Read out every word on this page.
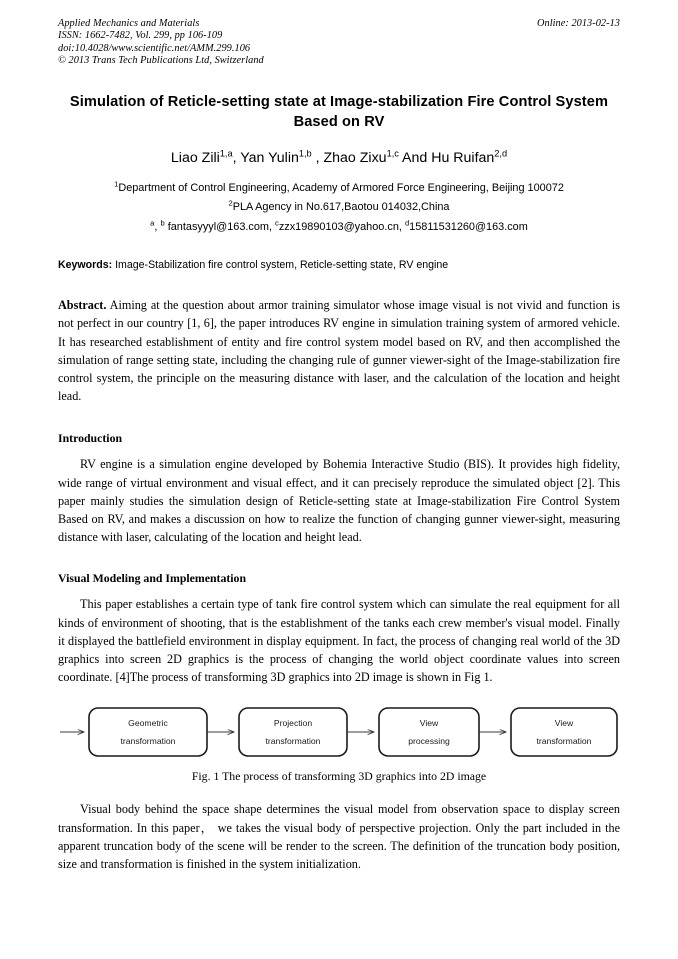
Applied Mechanics and Materials
ISSN: 1662-7482, Vol. 299, pp 106-109
doi:10.4028/www.scientific.net/AMM.299.106
© 2013 Trans Tech Publications Ltd, Switzerland
Online: 2013-02-13
Simulation of Reticle-setting state at Image-stabilization Fire Control System Based on RV
Liao Zili$^{1,a}$, Yan Yulin$^{1,b}$ , Zhao Zixu$^{1,c}$ And Hu Ruifan$^{2,d}$
$^1$Department of Control Engineering, Academy of Armored Force Engineering, Beijing 100072
$^2$PLA Agency in No.617,Baotou 014032,China
$^a$, $^b$ fantasyyyl@163.com, $^c$zzx19890103@yahoo.cn, $^d$15811531260@163.com
Keywords: Image-Stabilization fire control system, Reticle-setting state, RV engine
Abstract. Aiming at the question about armor training simulator whose image visual is not vivid and function is not perfect in our country [1, 6], the paper introduces RV engine in simulation training system of armored vehicle. It has researched establishment of entity and fire control system model based on RV, and then accomplished the simulation of range setting state, including the changing rule of gunner viewer-sight of the Image-stabilization fire control system, the principle on the measuring distance with laser, and the calculation of the location and height lead.
Introduction
RV engine is a simulation engine developed by Bohemia Interactive Studio (BIS). It provides high fidelity, wide range of virtual environment and visual effect, and it can precisely reproduce the simulated object [2]. This paper mainly studies the simulation design of Reticle-setting state at Image-stabilization Fire Control System Based on RV, and makes a discussion on how to realize the function of changing gunner viewer-sight, measuring distance with laser, calculating of the location and height lead.
Visual Modeling and Implementation
This paper establishes a certain type of tank fire control system which can simulate the real equipment for all kinds of environment of shooting, that is the establishment of the tanks each crew member's visual model. Finally it displayed the battlefield environment in display equipment. In fact, the process of changing real world of the 3D graphics into screen 2D graphics is the process of changing the world object coordinate values into screen coordinate. [4]The process of transforming 3D graphics into 2D image is shown in Fig 1.
Geometric
transformation
Projection
transformation
View
processing
View
transformation
Fig. 1 The process of transforming 3D graphics into 2D image
Visual body behind the space shape determines the visual model from observation space to display screen transformation. In this paper， we takes the visual body of perspective projection. Only the part included in the apparent truncation body of the scene will be render to the screen. The definition of the truncation body position, size and transformation is finished in the system initialization.
